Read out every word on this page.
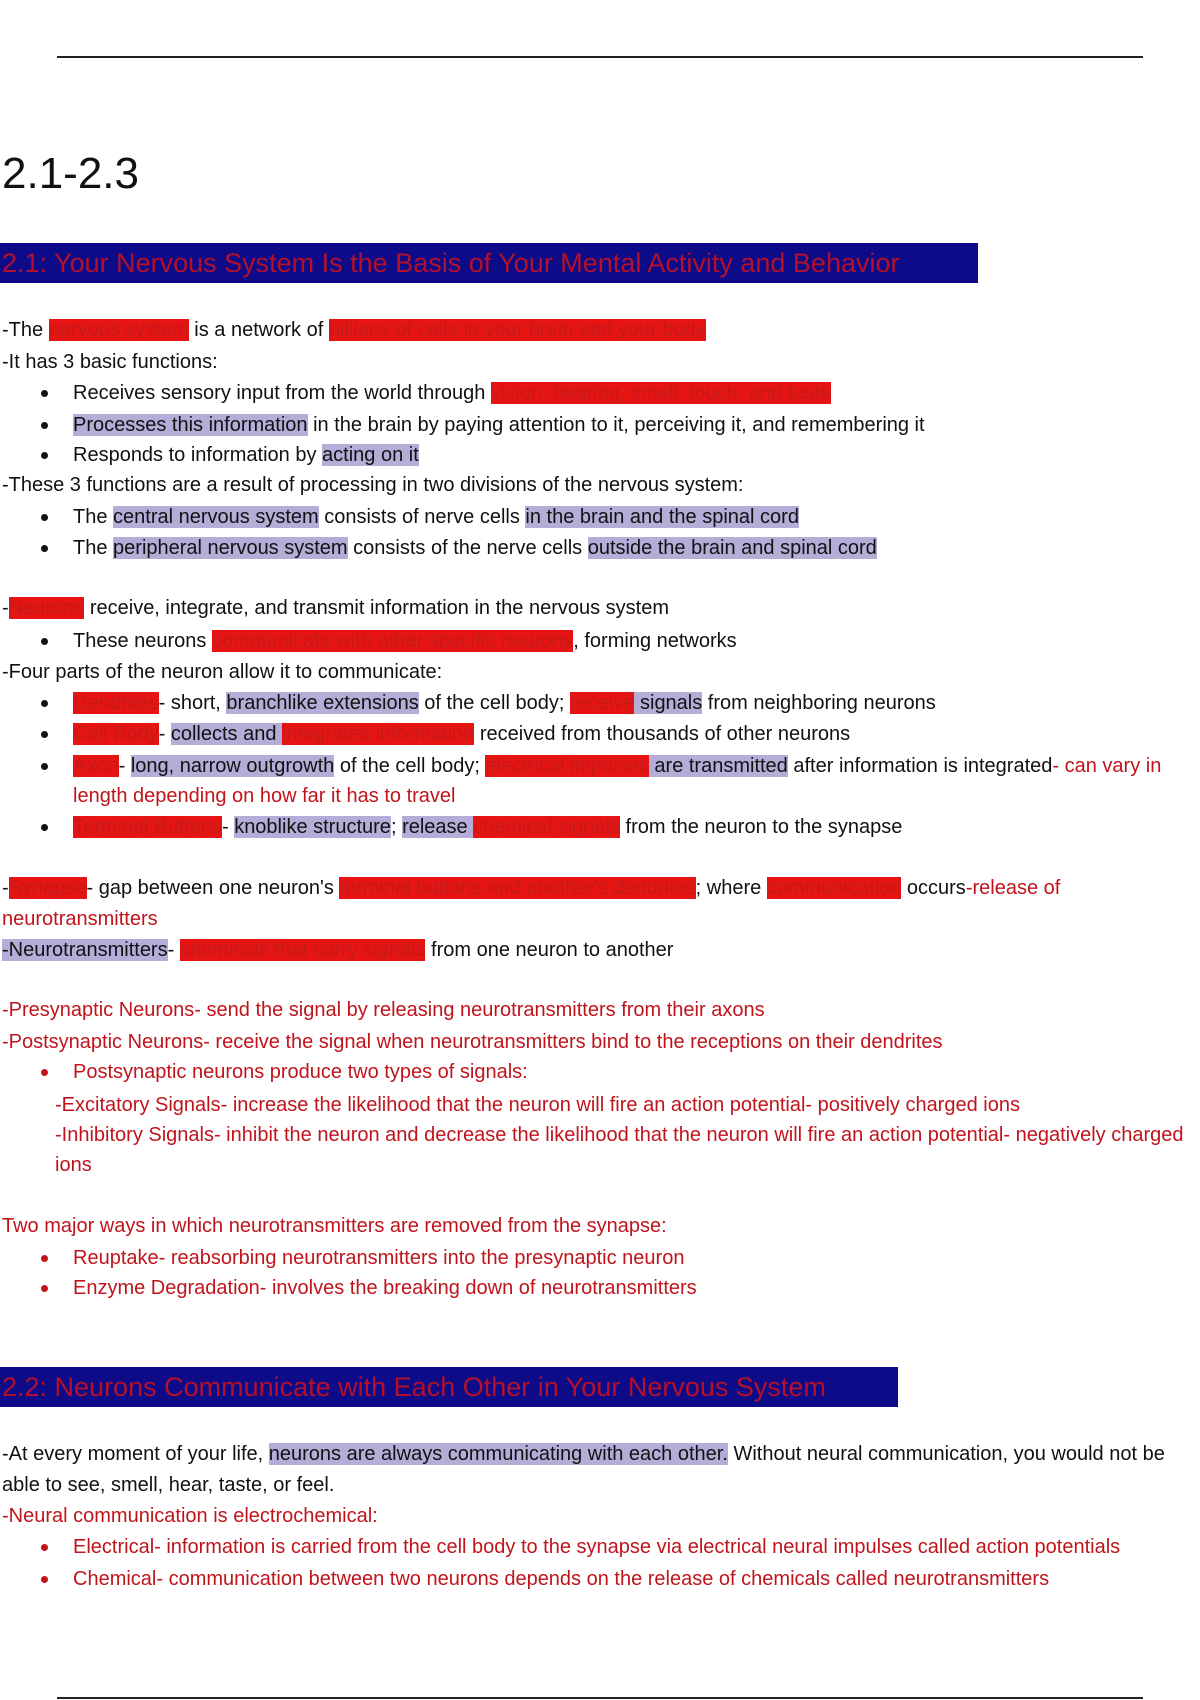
2.1-2.3
2.1: Your Nervous System Is the Basis of Your Mental Activity and Behavior
-The nervous system is a network of billions of cells in your brain and your body
-It has 3 basic functions:
Receives sensory input from the world through vision, hearing, smell, touch, and taste
Processes this information in the brain by paying attention to it, perceiving it, and remembering it
Responds to information by acting on it
-These 3 functions are a result of processing in two divisions of the nervous system:
The central nervous system consists of nerve cells in the brain and the spinal cord
The peripheral nervous system consists of the nerve cells outside the brain and spinal cord
-Neurons receive, integrate, and transmit information in the nervous system
These neurons communicate with other specific neurons, forming networks
-Four parts of the neuron allow it to communicate:
Dendrites- short, branchlike extensions of the cell body; receive signals from neighboring neurons
Cell Body- collects and integrates information received from thousands of other neurons
Axon- long, narrow outgrowth of the cell body; electrical impulses are transmitted after information is integrated- can vary in
length depending on how far it has to travel
Terminal Buttons- knoblike structure; release chemical signals from the neuron to the synapse
-Synapse- gap between one neuron's terminal buttons and another's dendrites; where communication occurs-release of
neurotransmitters
-Neurotransmitters- chemicals that carry signals from one neuron to another
-Presynaptic Neurons- send the signal by releasing neurotransmitters from their axons
-Postsynaptic Neurons- receive the signal when neurotransmitters bind to the receptions on their dendrites
Postsynaptic neurons produce two types of signals:
-Excitatory Signals- increase the likelihood that the neuron will fire an action potential- positively charged ions
-Inhibitory Signals- inhibit the neuron and decrease the likelihood that the neuron will fire an action potential- negatively charged
ions
Two major ways in which neurotransmitters are removed from the synapse:
Reuptake- reabsorbing neurotransmitters into the presynaptic neuron
Enzyme Degradation- involves the breaking down of neurotransmitters
2.2: Neurons Communicate with Each Other in Your Nervous System
-At every moment of your life, neurons are always communicating with each other. Without neural communication, you would not be
able to see, smell, hear, taste, or feel.
-Neural communication is electrochemical:
Electrical- information is carried from the cell body to the synapse via electrical neural impulses called action potentials
Chemical- communication between two neurons depends on the release of chemicals called neurotransmitters
